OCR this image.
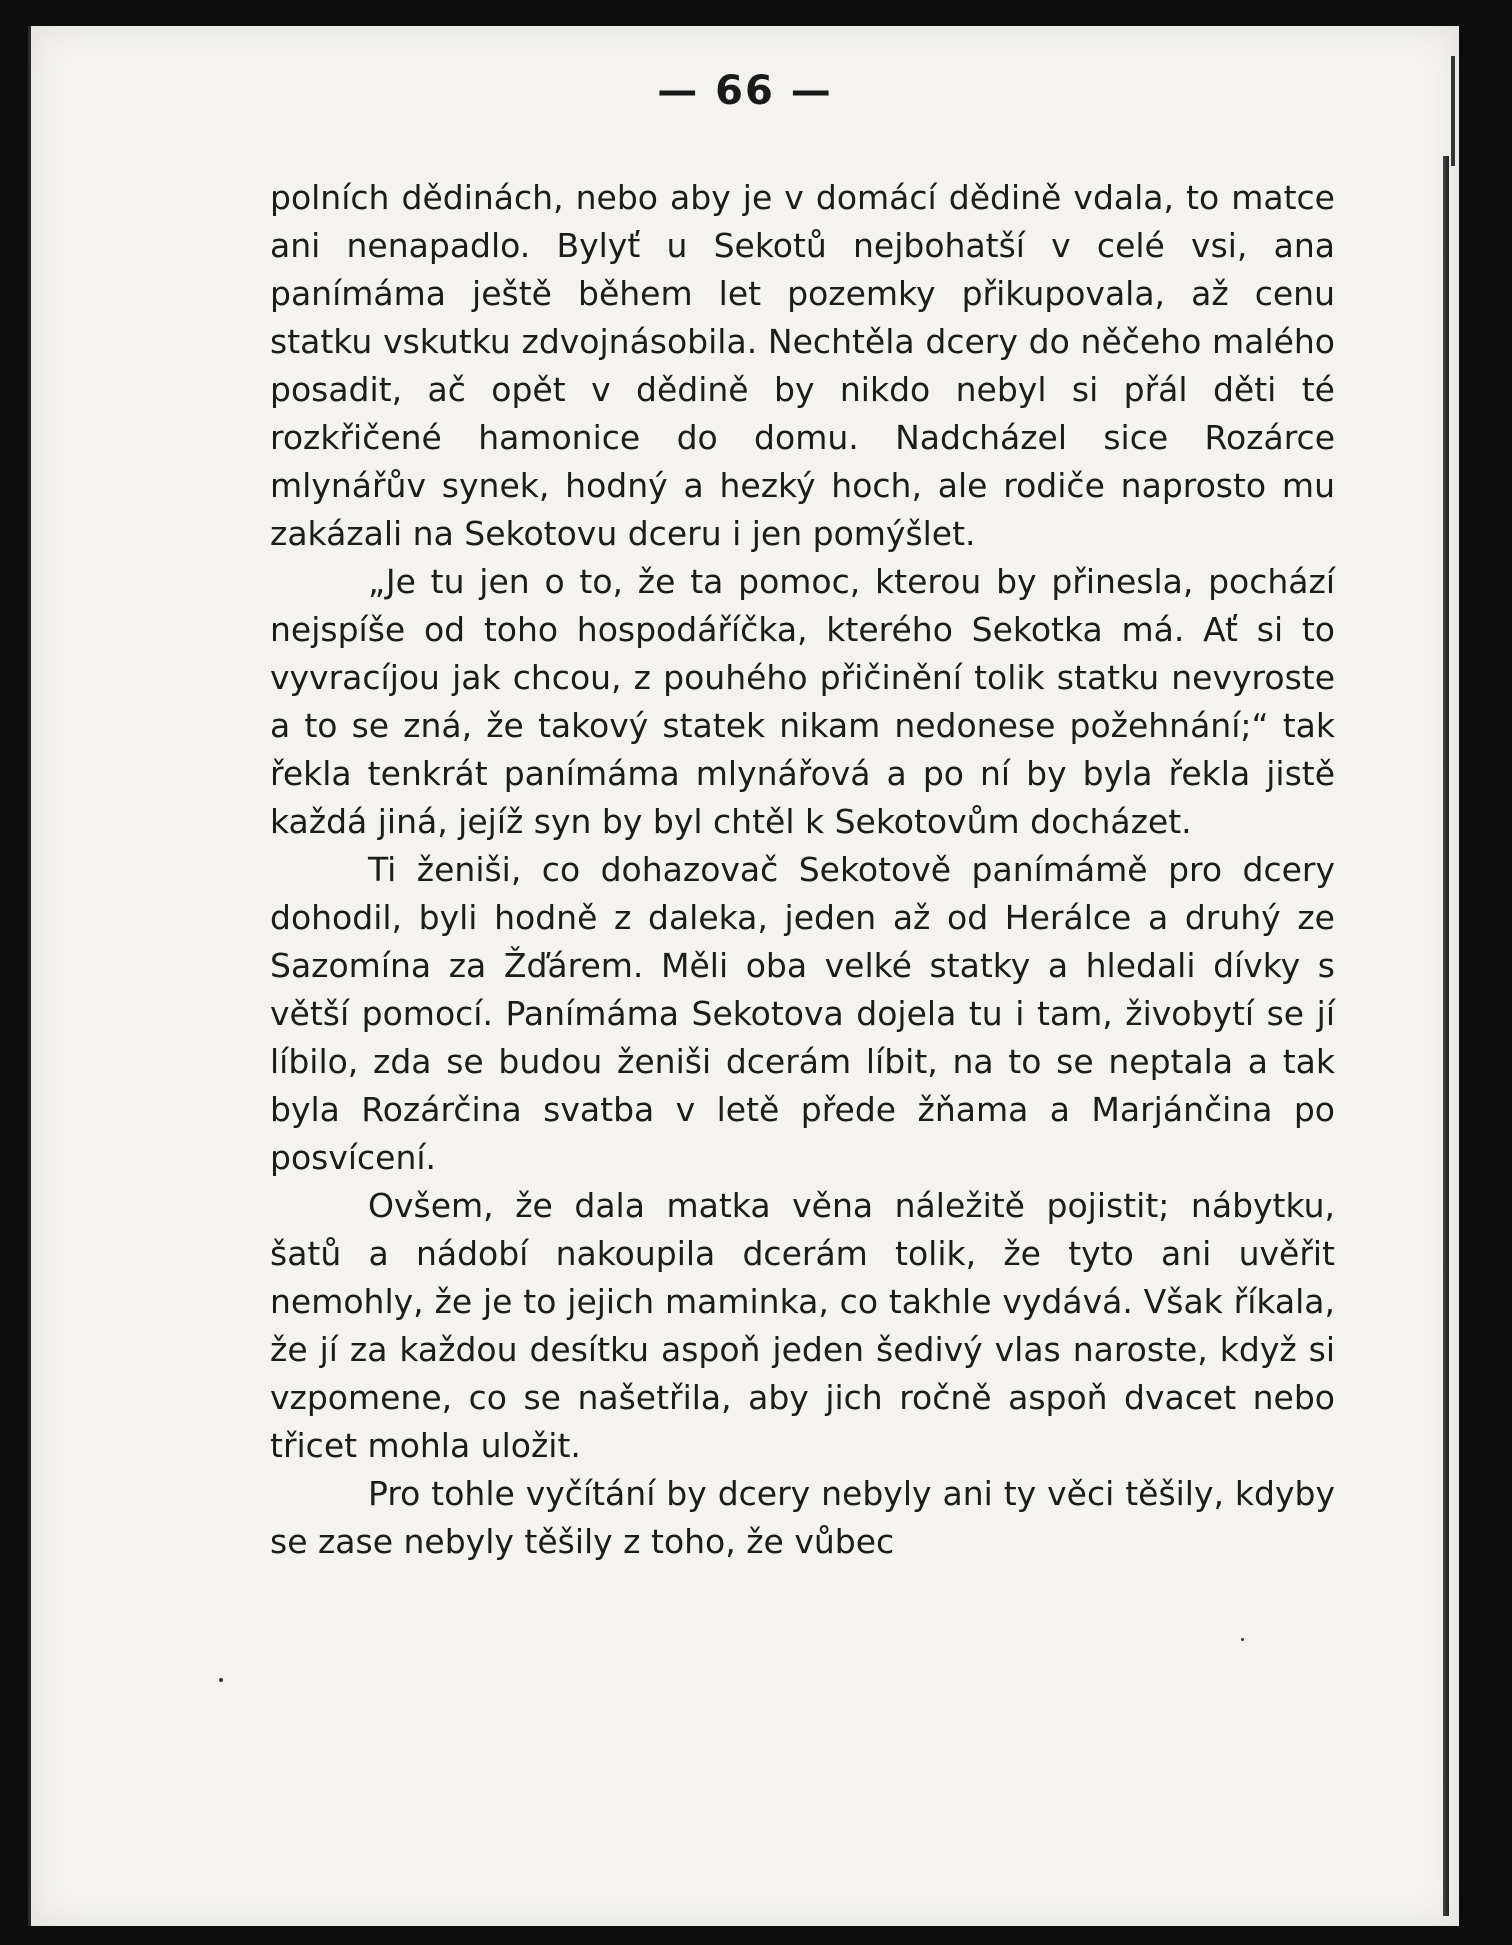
— 66 —

polních dědinách, nebo aby je v domácí dědině vdala, to matce ani nenapadlo. Bylyť u Sekotů nejbohatší v celé vsi, ana panímáma ještě během let pozemky přikupovala, až cenu statku vskutku zdvojnásobila. Nechtěla dcery do něčeho malého posadit, ač opět v dědině by nikdo nebyl si přál děti té rozkřičené hamonice do domu. Nadcházel sice Rozárce mlynářův synek, hodný a hezký hoch, ale rodiče naprosto mu zakázali na Sekotovu dceru i jen pomýšlet.

„Je tu jen o to, že ta pomoc, kterou by přinesla, pochází nejspíše od toho hospodáříčka, kterého Sekotka má. Ať si to vyvracíjou jak chcou, z pouhého přičinění tolik statku nevyroste a to se zná, že takový statek nikam nedonese požehnání;“ tak řekla tenkrát panímáma mlynářová a po ní by byla řekla jistě každá jiná, jejíž syn by byl chtěl k Sekotovům docházet.

Ti ženiši, co dohazovač Sekotově panímámě pro dcery dohodil, byli hodně z daleka, jeden až od Herálce a druhý ze Sazomína za Žďárem. Měli oba velké statky a hledali dívky s větší pomocí. Panímáma Sekotova dojela tu i tam, živobytí se jí líbilo, zda se budou ženiši dcerám líbit, na to se neptala a tak byla Rozárčina svatba v letě přede žňama a Marjánčina po posvícení.

Ovšem, že dala matka věna náležitě pojistit; nábytku, šatů a nádobí nakoupila dcerám tolik, že tyto ani uvěřit nemohly, že je to jejich maminka, co takhle vydává. Však říkala, že jí za každou desítku aspoň jeden šedivý vlas naroste, když si vzpomene, co se našetřila, aby jich ročně aspoň dvacet nebo třicet mohla uložit.

Pro tohle vyčítání by dcery nebyly ani ty věci těšily, kdyby se zase nebyly těšily z toho, že vůbec
